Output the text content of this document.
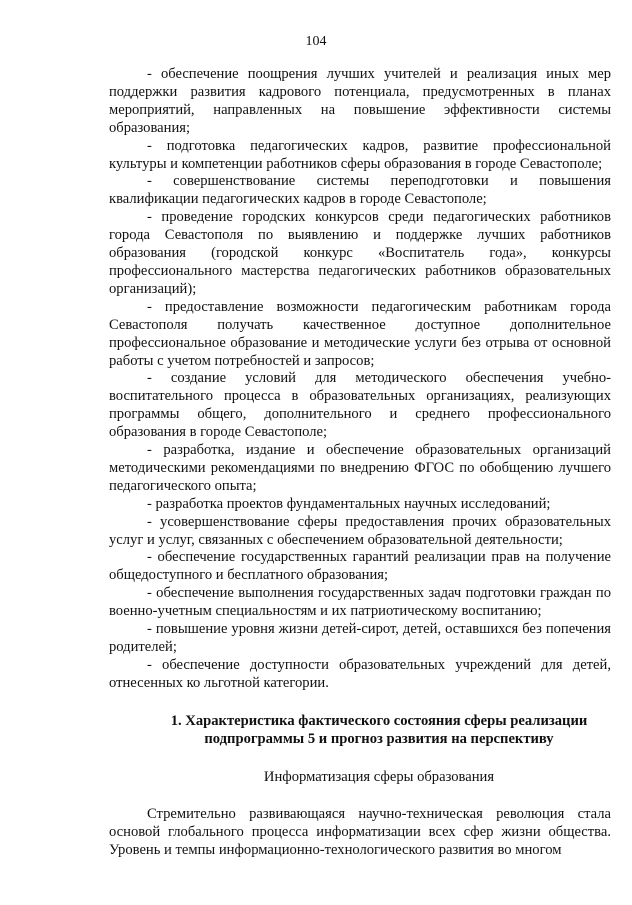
104

- обеспечение поощрения лучших учителей и реализация иных мер поддержки развития кадрового потенциала, предусмотренных в планах мероприятий, направленных на повышение эффективности системы образования;

- подготовка педагогических кадров, развитие профессиональной культуры и компетенции работников сферы образования в городе Севастополе;

- совершенствование системы переподготовки и повышения квалификации педагогических кадров в городе Севастополе;

- проведение городских конкурсов среди педагогических работников города Севастополя по выявлению и поддержке лучших работников образования (городской конкурс «Воспитатель года», конкурсы профессионального мастерства педагогических работников образовательных организаций);

- предоставление возможности педагогическим работникам города Севастополя получать качественное доступное дополнительное профессиональное образование и методические услуги без отрыва от основной работы с учетом потребностей и запросов;

- создание условий для методического обеспечения учебно-воспитательного процесса в образовательных организациях, реализующих программы общего, дополнительного и среднего профессионального образования в городе Севастополе;

- разработка, издание и обеспечение образовательных организаций методическими рекомендациями по внедрению ФГОС по обобщению лучшего педагогического опыта;

- разработка проектов фундаментальных научных исследований;

- усовершенствование сферы предоставления прочих образовательных услуг и услуг, связанных с обеспечением образовательной деятельности;

- обеспечение государственных гарантий реализации прав на получение общедоступного и бесплатного образования;

- обеспечение выполнения государственных задач подготовки граждан по военно-учетным специальностям и их патриотическому воспитанию;

- повышение уровня жизни детей-сирот, детей, оставшихся без попечения родителей;

- обеспечение доступности образовательных учреждений для детей, отнесенных ко льготной категории.

1. Характеристика фактического состояния сферы реализации
подпрограммы 5 и прогноз развития на перспективу
Информатизация сферы образования

Стремительно развивающаяся научно-техническая революция стала основой глобального процесса информатизации всех сфер жизни общества. Уровень и темпы информационно-технологического развития во многом
